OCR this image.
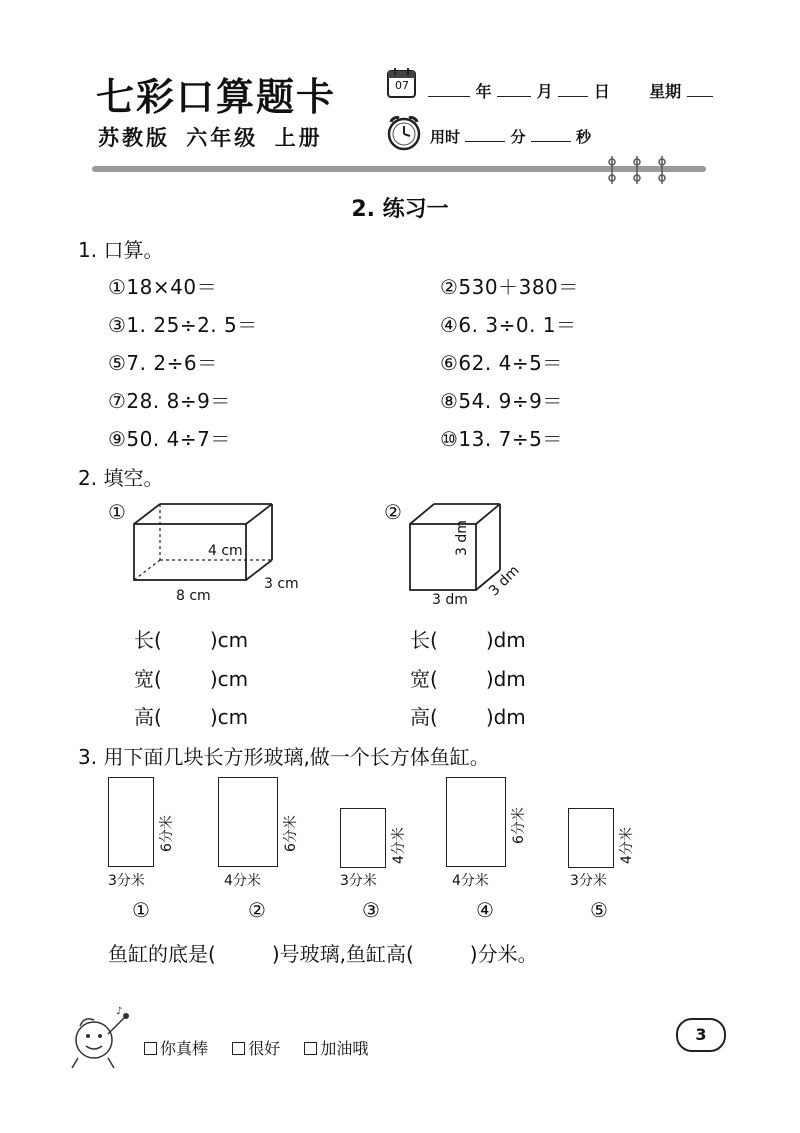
七彩口算题卡
苏教版 六年级 上册
07	年	月	日 星期
用时	分	秒
2. 练习一
1. 口算。
①18×40＝	②530＋380＝
③1. 25÷2. 5＝	④6. 3÷0. 1＝
⑤7. 2÷6＝	⑥62. 4÷5＝
⑦28. 8÷9＝	⑧54. 9÷9＝
⑨50. 4÷7＝	⑩13. 7÷5＝
2. 填空。
①
4 cm
8 cm
3 cm
②
3 dm
3 dm
3 dm
长( )cm
宽( )cm
高( )cm
长( )dm
宽( )dm
高( )dm
3. 用下面几块长方形玻璃,做一个长方体鱼缸。
6分米
3分米
①
6分米
4分米
②
4分米
3分米
③
6分米
4分米
④
4分米
3分米
⑤
鱼缸的底是(	)号玻璃,鱼缸高(	)分米。
♪
你真棒	很好	加油哦
3
